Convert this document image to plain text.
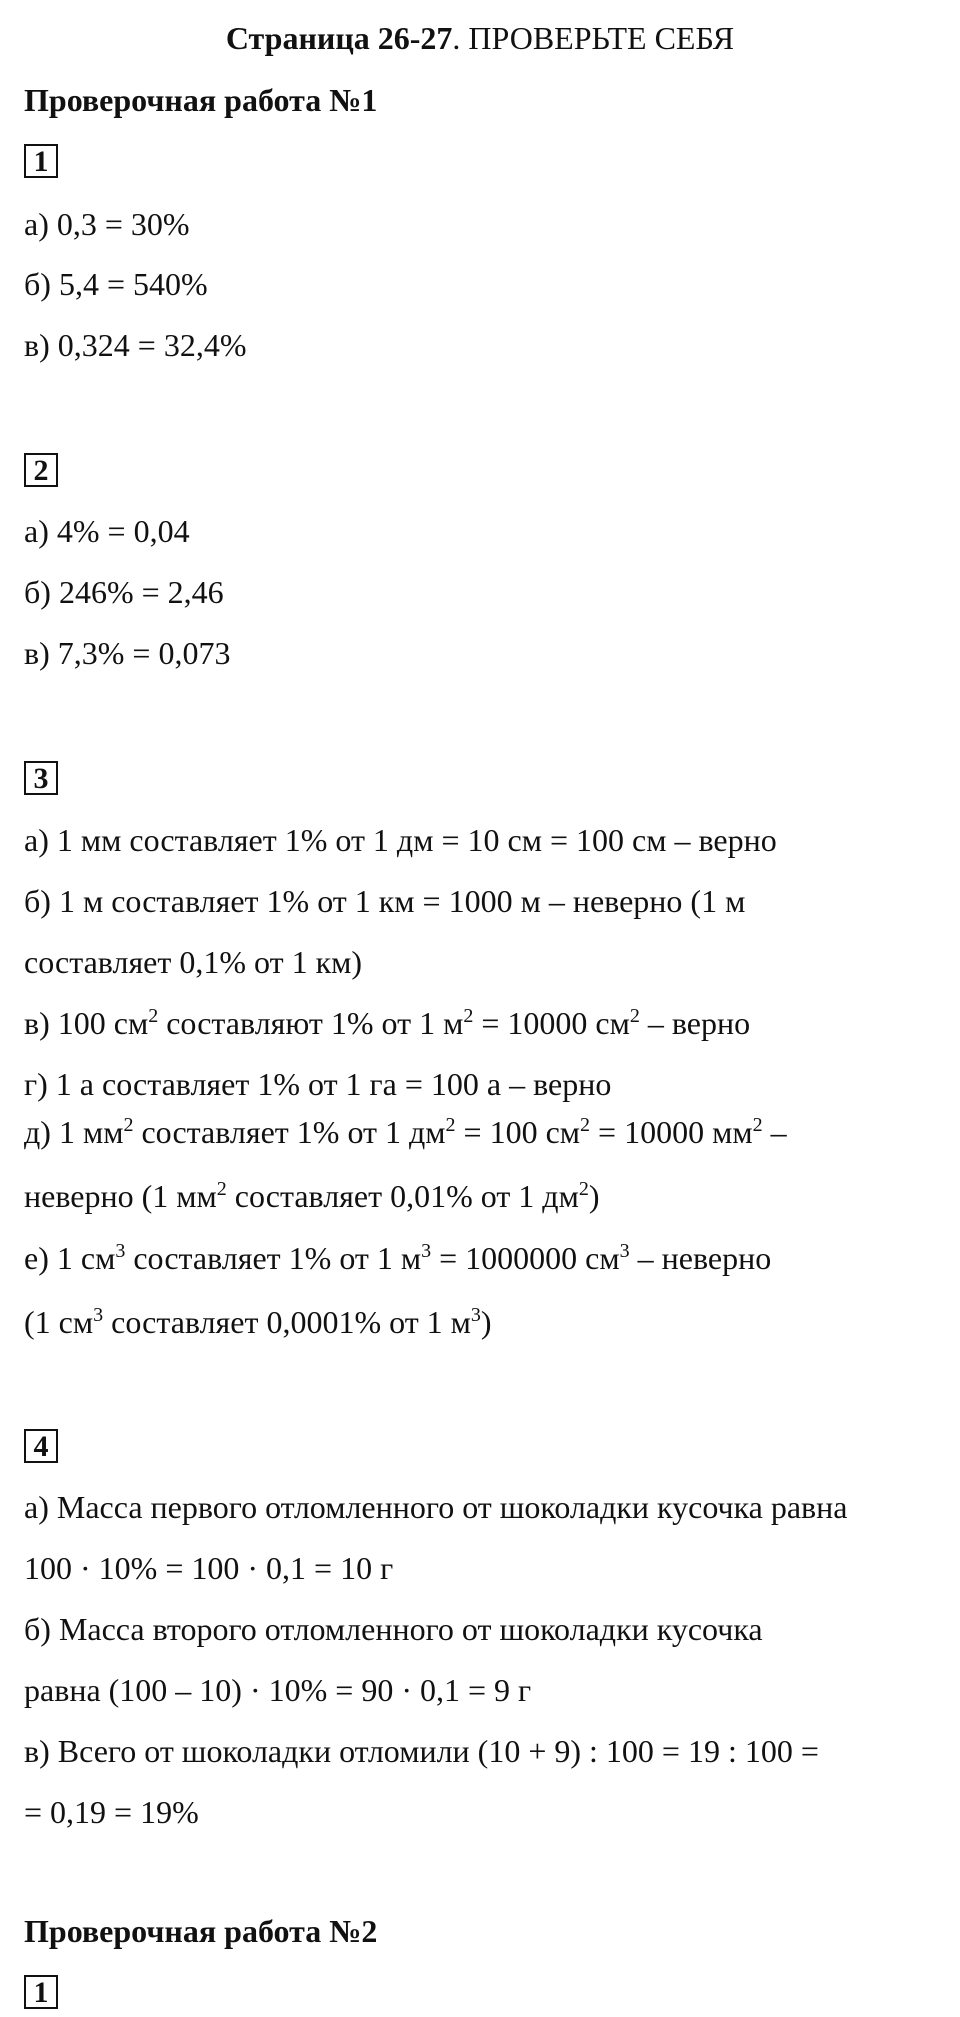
Страница 26-27. ПРОВЕРЬТЕ СЕБЯ
Проверочная работа №1
1
а) 0,3 = 30%
б) 5,4 = 540%
в) 0,324 = 32,4%
2
а) 4% = 0,04
б) 246% = 2,46
в) 7,3% = 0,073
3
а) 1 мм составляет 1% от 1 дм = 10 см = 100 см – верно
б) 1 м составляет 1% от 1 км = 1000 м – неверно (1 м
составляет 0,1% от 1 км)
в) 100 $см^2$ составляют 1% от 1 $м^2 = 10000$ $см^2$ – верно
г) 1 а составляет 1% от 1 га = 100 а – верно
д) 1 $мм^2$ составляет 1% от 1 $дм^2 = 100$ $см^2 = 10000$ $мм^2$ –
неверно (1 $мм^2$ составляет 0,01% от 1 $дм^2$)
е) 1 $см^3$ составляет 1% от 1 $м^3 = 1000000$ $см^3$ – неверно
(1 $см^3$ составляет 0,0001% от 1 $м^3$)
4
а) Масса первого отломленного от шоколадки кусочка равна
100 · 10% = 100 · 0,1 = 10 г
б) Масса второго отломленного от шоколадки кусочка
равна (100 – 10) · 10% = 90 · 0,1 = 9 г
в) Всего от шоколадки отломили (10 + 9) : 100 = 19 : 100 =
= 0,19 = 19%
Проверочная работа №2
1
